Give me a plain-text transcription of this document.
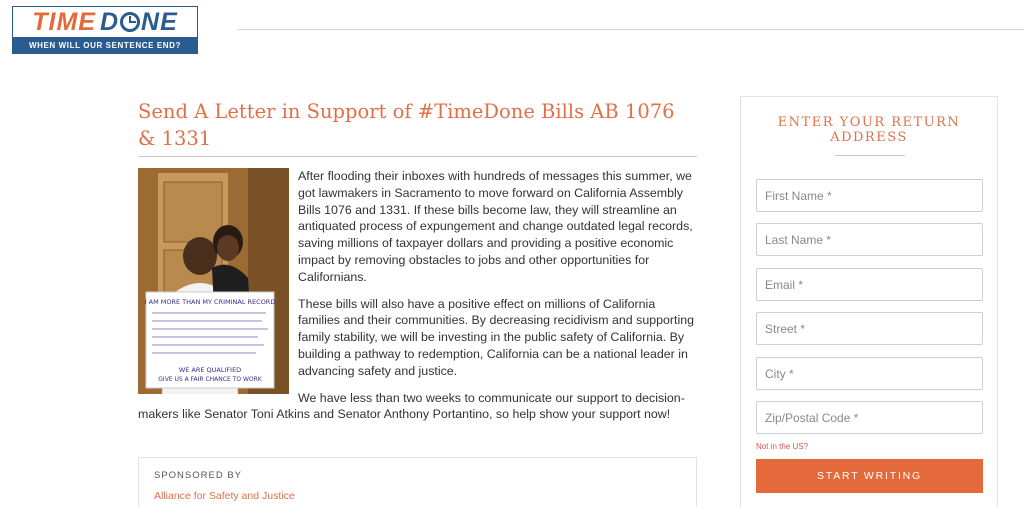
TIME D NE
WHEN WILL OUR SENTENCE END?
Send A Letter in Support of #TimeDone Bills AB 1076 & 1331
I AM MORE THAN MY CRIMINAL RECORD
WE ARE QUALIFIED
GIVE US A FAIR CHANCE TO WORK

After flooding their inboxes with hundreds of messages this summer, we got lawmakers in Sacramento to move forward on California Assembly Bills 1076 and 1331. If these bills become law, they will streamline an antiquated process of expungement and change outdated legal records, saving millions of taxpayer dollars and providing a positive economic impact by removing obstacles to jobs and other opportunities for Californians.

These bills will also have a positive effect on millions of California families and their communities. By decreasing recidivism and supporting family stability, we will be investing in the public safety of California. By building a pathway to redemption, California can be a national leader in advancing safety and justice.

We have less than two weeks to communicate our support to decision-makers like Senator Toni Atkins and Senator Anthony Portantino, so help show your support now!

SPONSORED BY
Alliance for Safety and Justice
ENTER YOUR RETURN ADDRESS
First Name *
Last Name *
Email *
Street *
City *
Zip/Postal Code *
Not in the US?
START WRITING
